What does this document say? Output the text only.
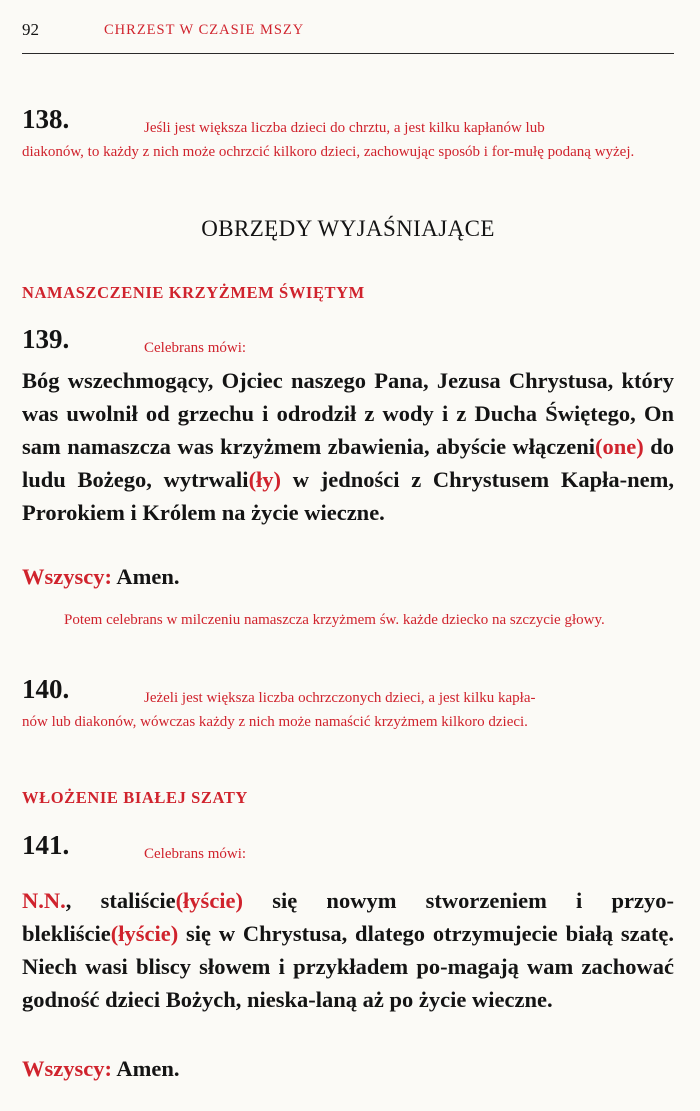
92	CHRZEST W CZASIE MSZY
138.	Jeśli jest większa liczba dzieci do chrztu, a jest kilku kapłanów lub
diakonów, to każdy z nich może ochrzcić kilkoro dzieci, zachowując sposób i for-mułę podaną wyżej.
OBRZĘDY WYJAŚNIAJĄCE
NAMASZCZENIE KRZYŻMEM ŚWIĘTYM
139.	Celebrans mówi:
Bóg wszechmogący, Ojciec naszego Pana, Jezusa Chrystusa, który was uwolnił od grzechu i odrodził z wody i z Ducha Świętego, On sam namaszcza was krzyżmem zbawienia, abyście włączeni(one) do ludu Bożego, wytrwali(ły) w jedności z Chrystusem Kapła-nem, Prorokiem i Królem na życie wieczne.
Wszyscy: Amen.
Potem celebrans w milczeniu namaszcza krzyżmem św. każde dziecko na szczycie głowy.
140.	Jeżeli jest większa liczba ochrzczonych dzieci, a jest kilku kapła-
nów lub diakonów, wówczas każdy z nich może namaścić krzyżmem kilkoro dzieci.
WŁOŻENIE BIAŁEJ SZATY
141.	Celebrans mówi:
N.N., staliście(łyście) się nowym stworzeniem i przyo-blekliście(łyście) się w Chrystusa, dlatego otrzymujecie białą szatę. Niech wasi bliscy słowem i przykładem po-magają wam zachować godność dzieci Bożych, nieska-laną aż po życie wieczne.
Wszyscy: Amen.
